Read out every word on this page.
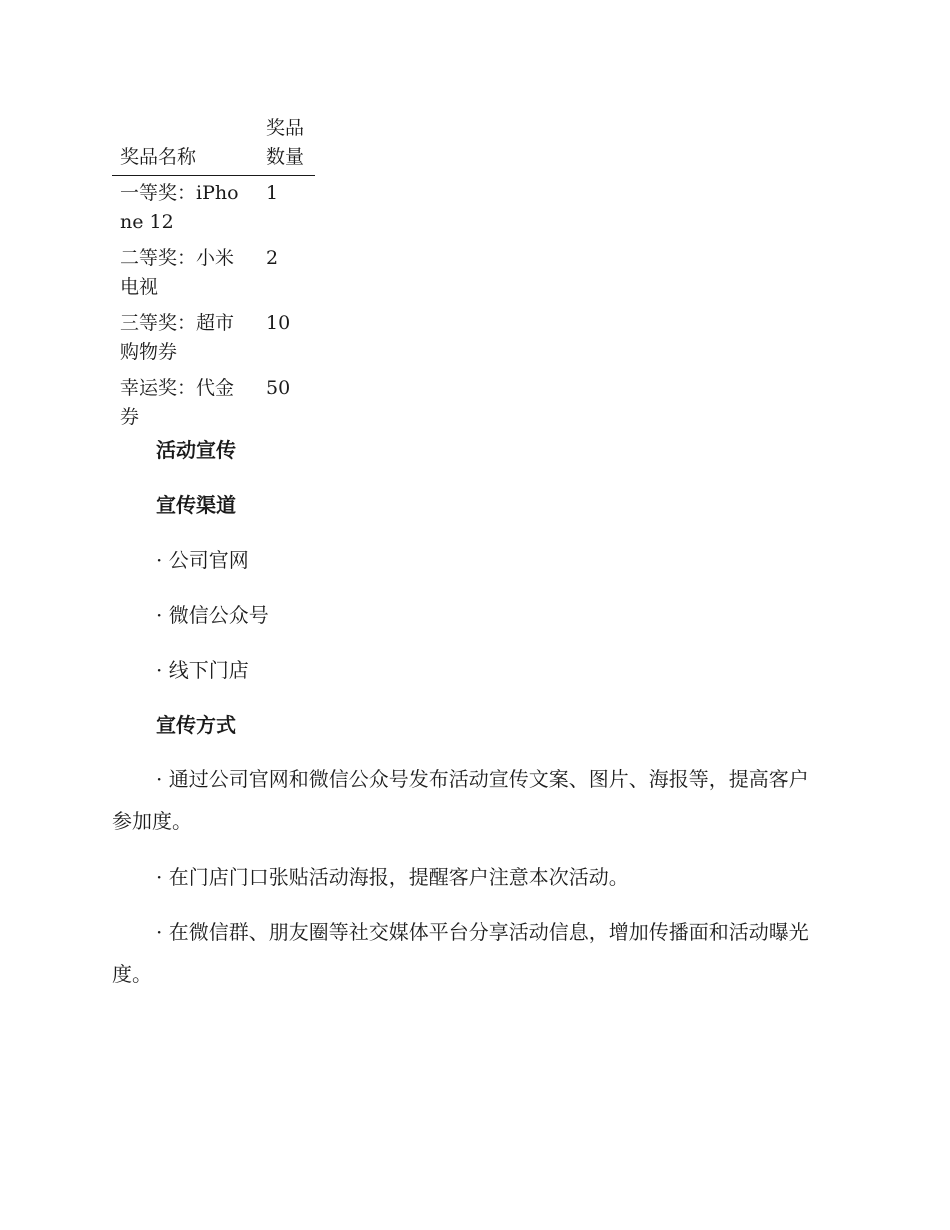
奖品名称	奖品数量
一等奖：iPhone 12	1
二等奖：小米电视	2
三等奖：超市购物券	10
幸运奖：代金券	50
活动宣传
宣传渠道
· 公司官网
· 微信公众号
· 线下门店
宣传方式
· 通过公司官网和微信公众号发布活动宣传文案、图片、海报等，提高客户参加度。
· 在门店门口张贴活动海报，提醒客户注意本次活动。
· 在微信群、朋友圈等社交媒体平台分享活动信息，增加传播面和活动曝光度。
